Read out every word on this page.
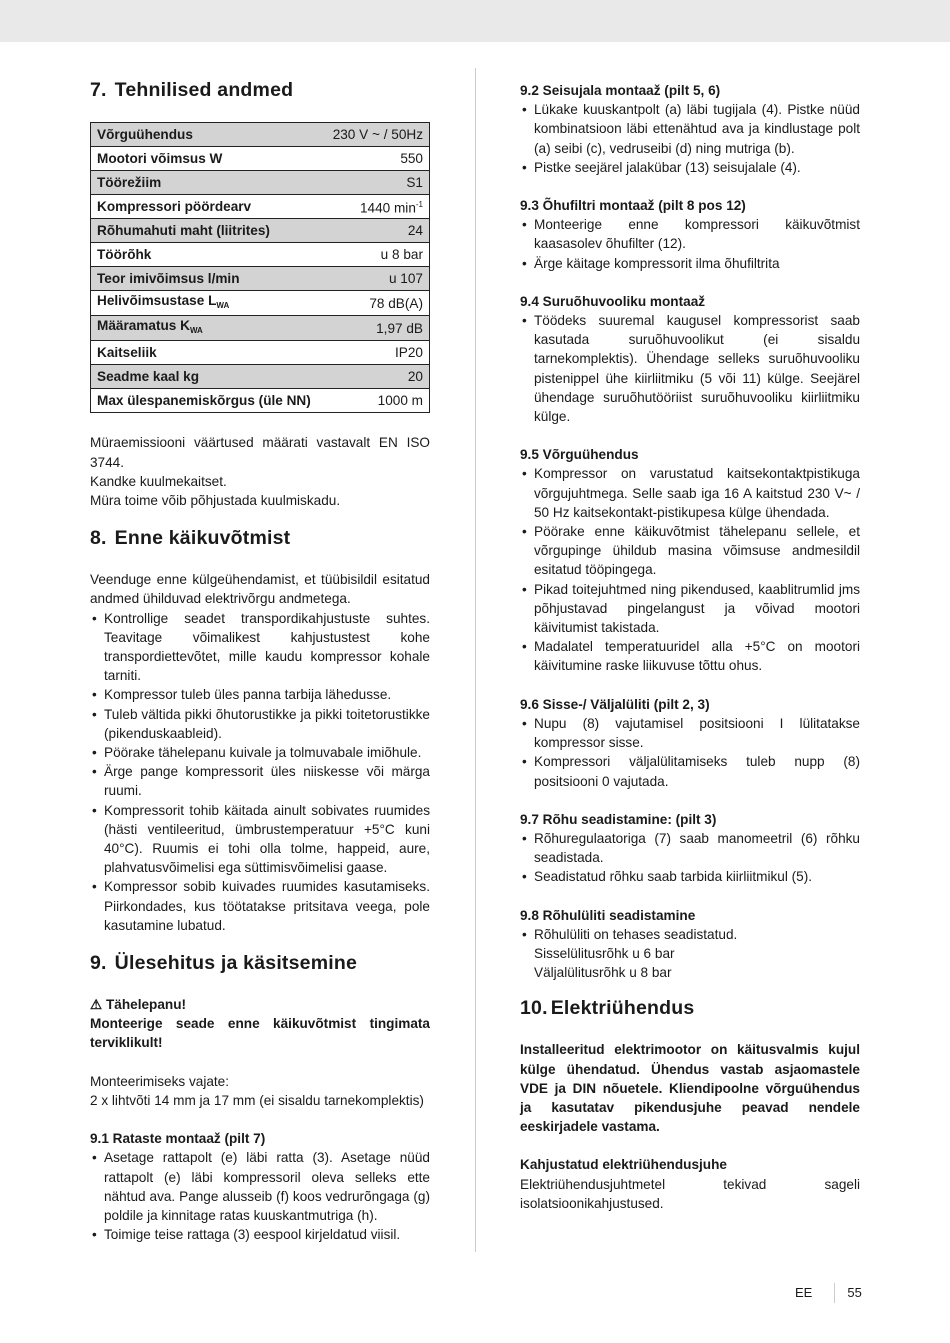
7. Tehnilised andmed
Võrguühendus	230 V ~ / 50Hz
Mootori võimsus W	550
Töörežiim	S1
Kompressori pöördearv	1440 $\min^{-1}$
Rõhumahuti maht (liitrites)	24
Töörõhk	u 8 bar
Teor imivõimsus l/min	u 107
Helivõimsustase $L_{WA}$	78 dB(A)
Määramatus $K_{WA}$	1,97 dB
Kaitseliik	IP20
Seadme kaal kg	20
Max ülespanemiskõrgus (üle NN)	1000 m

Müraemissiooni väärtused määrati vastavalt EN ISO 3744.

Kandke kuulmekaitset.

Müra toime võib põhjustada kuulmiskadu.

8. Enne käikuvõtmist

Veenduge enne külgeühendamist, et tüübisildil esitatud andmed ühilduvad elektrivõrgu andmetega.

• Kontrollige seadet transpordikahjustuste suhtes. Teavitage võimalikest kahjustustest kohe transpordiettevõtet, mille kaudu kompressor kohale tarniti.
• Kompressor tuleb üles panna tarbija lähedusse.
• Tuleb vältida pikki õhutorustikke ja pikki toitetorustikke (pikenduskaableid).
• Pöörake tähelepanu kuivale ja tolmuvabale imiõhule.
• Ärge pange kompressorit üles niiskesse või märga ruumi.
• Kompressorit tohib käitada ainult sobivates ruumides (hästi ventileeritud, ümbrustemperatuur +5°C kuni 40°C). Ruumis ei tohi olla tolme, happeid, aure, plahvatusvõimelisi ega süttimisvõimelisi gaase.
• Kompressor sobib kuivades ruumides kasutamiseks. Piirkondades, kus töötatakse pritsitava veega, pole kasutamine lubatud.
9. Ülesehitus ja käsitsemine

⚠ Tähelepanu!

Monteerige seade enne käikuvõtmist tingimata terviklikult!

Monteerimiseks vajate:

2 x lihtvõti 14 mm ja 17 mm (ei sisaldu tarnekomplektis)

9.1 Rataste montaaž (pilt 7)
• Asetage rattapolt (e) läbi ratta (3). Asetage nüüd rattapolt (e) läbi kompressoril oleva selleks ette nähtud ava. Pange alusseib (f) koos vedrurõngaga (g) poldile ja kinnitage ratas kuuskantmutriga (h).
• Toimige teise rattaga (3) eespool kirjeldatud viisil.
9.2 Seisujala montaaž (pilt 5, 6)
• Lükake kuuskantpolt (a) läbi tugijala (4). Pistke nüüd kombinatsioon läbi ettenähtud ava ja kindlustage polt (a) seibi (c), vedruseibi (d) ning mutriga (b).
• Pistke seejärel jalakübar (13) seisujalale (4).
9.3 Õhufiltri montaaž (pilt 8 pos 12)
• Monteerige enne kompressori käikuvõtmist kaasasolev õhufilter (12).
• Ärge käitage kompressorit ilma õhufiltrita
9.4 Suruõhuvooliku montaaž
• Töödeks suuremal kaugusel kompressorist saab kasutada suruõhuvoolikut (ei sisaldu tarnekomplektis). Ühendage selleks suruõhuvooliku pistenippel ühe kiirliitmiku (5 või 11) külge. Seejärel ühendage suruõhutööriist suruõhuvooliku kiirliitmiku külge.
9.5 Võrguühendus
• Kompressor on varustatud kaitsekontaktpistikuga võrgujuhtmega. Selle saab iga 16 A kaitstud 230 V~ / 50 Hz kaitsekontakt-pistikupesa külge ühendada.
• Pöörake enne käikuvõtmist tähelepanu sellele, et võrgupinge ühildub masina võimsuse andmesildil esitatud tööpingega.
• Pikad toitejuhtmed ning pikendused, kaablitrumlid jms põhjustavad pingelangust ja võivad mootori käivitumist takistada.
• Madalatel temperatuuridel alla +5°C on mootori käivitumine raske liikuvuse tõttu ohus.
9.6 Sisse-/ Väljalüliti (pilt 2, 3)
• Nupu (8) vajutamisel positsiooni I lülitatakse kompressor sisse.
• Kompressori väljalülitamiseks tuleb nupp (8) positsiooni 0 vajutada.
9.7 Rõhu seadistamine: (pilt 3)
• Rõhuregulaatoriga (7) saab manomeetril (6) rõhku seadistada.
• Seadistatud rõhku saab tarbida kiirliitmikul (5).
9.8 Rõhulüliti seadistamine
• Rõhulüliti on tehases seadistatud.

Sisselülitusrõhk u 6 bar

Väljalülitusrõhk u 8 bar

10. Elektriühendus

Installeeritud elektrimootor on käitusvalmis kujul külge ühendatud. Ühendus vastab asjaomastele VDE ja DIN nõuetele. Kliendipoolne võrguühendus ja kasutatav pikendusjuhe peavad nendele eeskirjadele vastama.

Kahjustatud elektriühendusjuhe

Elektriühendusjuhtmetel tekivad sageli isolatsioonikahjustused.

EE	55
